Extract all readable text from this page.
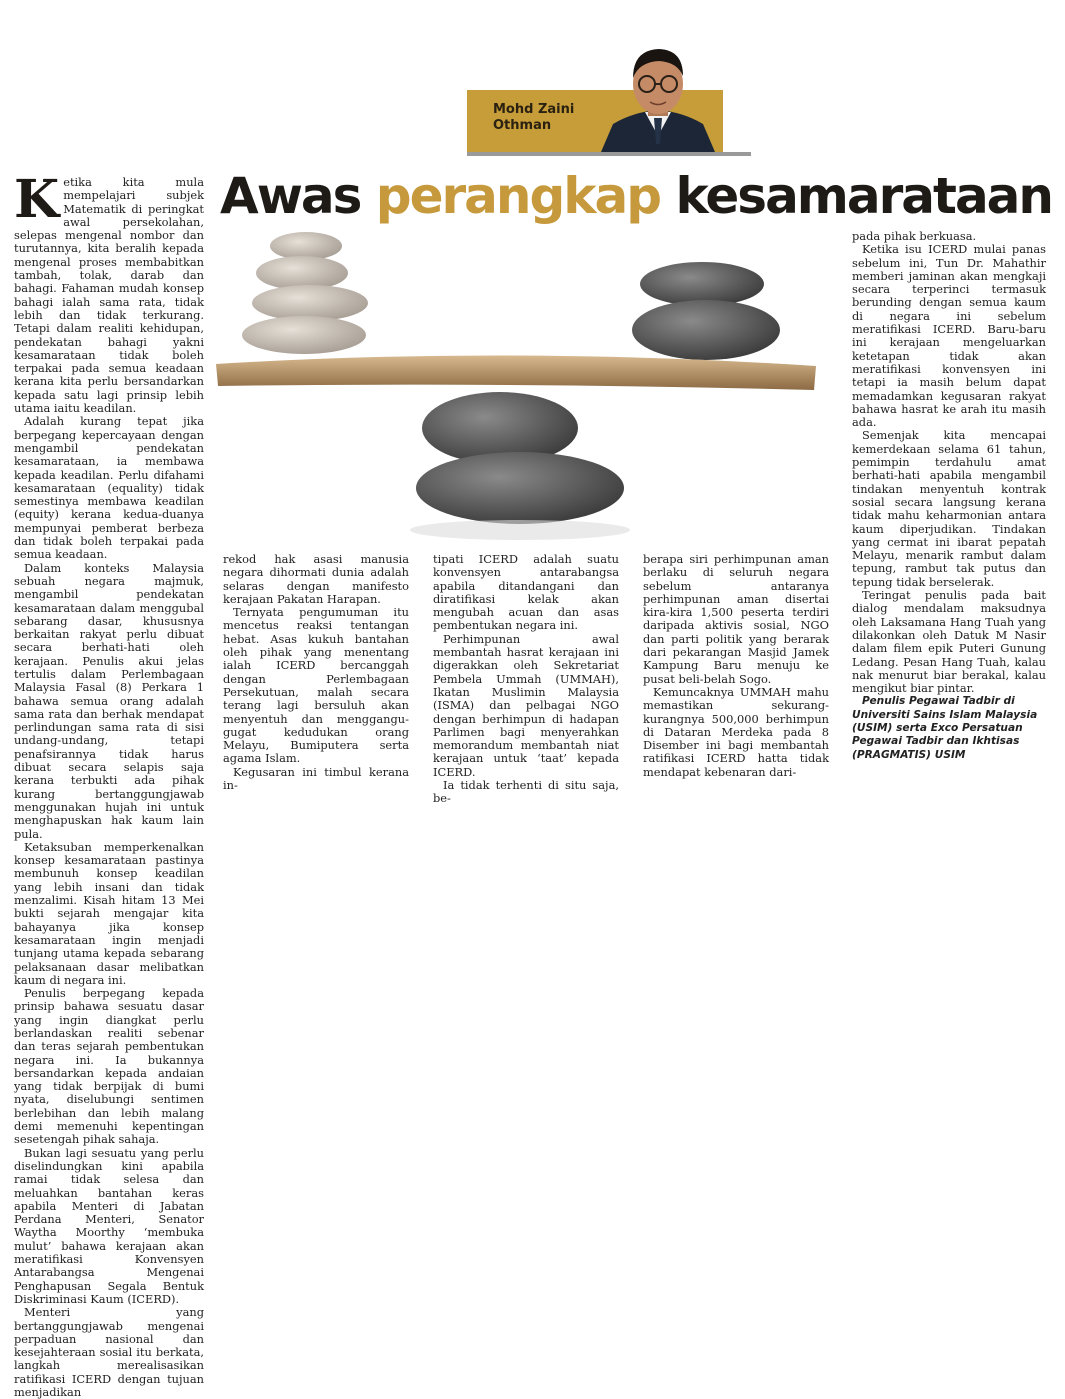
Mohd Zaini
Othman
Awas perangkap kesamarataan

Ketika kita mula mempelajari subjek Matematik di peringkat awal persekolahan, selepas mengenal nombor dan turutannya, kita beralih kepada mengenal proses membabitkan tambah, tolak, darab dan bahagi. Fahaman mudah konsep bahagi ialah sama rata, tidak lebih dan tidak terkurang. Tetapi dalam realiti kehidupan, pendekatan bahagi yakni kesamarataan tidak boleh terpakai pada semua keadaan kerana kita perlu bersandarkan kepada satu lagi prinsip lebih utama iaitu keadilan.

Adalah kurang tepat jika berpegang kepercayaan dengan mengambil pendekatan kesamarataan, ia membawa kepada keadilan. Perlu difahami kesamarataan (equality) tidak semestinya membawa keadilan (equity) kerana kedua-duanya mempunyai pemberat berbeza dan tidak boleh terpakai pada semua keadaan.

Dalam konteks Malaysia sebuah negara majmuk, mengambil pendekatan kesamarataan dalam menggubal sebarang dasar, khususnya berkaitan rakyat perlu dibuat secara berhati-hati oleh kerajaan. Penulis akui jelas tertulis dalam Perlembagaan Malaysia Fasal (8) Perkara 1 bahawa semua orang adalah sama rata dan berhak mendapat perlindungan sama rata di sisi undang-undang, tetapi penafsirannya tidak harus dibuat secara selapis saja kerana terbukti ada pihak kurang bertanggungjawab menggunakan hujah ini untuk menghapuskan hak kaum lain pula.

Ketaksuban memperkenalkan konsep kesamarataan pastinya membunuh konsep keadilan yang lebih insani dan tidak menzalimi. Kisah hitam 13 Mei bukti sejarah mengajar kita bahayanya jika konsep kesamarataan ingin menjadi tunjang utama kepada sebarang pelaksanaan dasar melibatkan kaum di negara ini.

Penulis berpegang kepada prinsip bahawa sesuatu dasar yang ingin diangkat perlu berlandaskan realiti sebenar dan teras sejarah pembentukan negara ini. Ia bukannya bersandarkan kepada andaian yang tidak berpijak di bumi nyata, diselubungi sentimen berlebihan dan lebih malang demi memenuhi kepentingan sesetengah pihak sahaja.

Bukan lagi sesuatu yang perlu diselindungkan kini apabila ramai tidak selesa dan meluahkan bantahan keras apabila Menteri di Jabatan Perdana Menteri, Senator Waytha Moorthy ‘membuka mulut’ bahawa kerajaan akan meratifikasi Konvensyen Antarabangsa Mengenai Penghapusan Segala Bentuk Diskriminasi Kaum (ICERD).

Menteri yang bertanggungjawab mengenai perpaduan nasional dan kesejahteraan sosial itu berkata, langkah merealisasikan ratifikasi ICERD dengan tujuan menjadikan

rekod hak asasi manusia negara dihormati dunia adalah selaras dengan manifesto kerajaan Pakatan Harapan.

Ternyata pengumuman itu mencetus reaksi tentangan hebat. Asas kukuh bantahan oleh pihak yang menentang ialah ICERD bercanggah dengan Perlembagaan Persekutuan, malah secara terang lagi bersuluh akan menyentuh dan menggangu-gugat kedudukan orang Melayu, Bumiputera serta agama Islam.

Kegusaran ini timbul kerana in-

tipati ICERD adalah suatu konvensyen antarabangsa apabila ditandangani dan diratifikasi kelak akan mengubah acuan dan asas pembentukan negara ini.

Perhimpunan awal membantah hasrat kerajaan ini digerakkan oleh Sekretariat Pembela Ummah (UMMAH), Ikatan Muslimin Malaysia (ISMA) dan pelbagai NGO dengan berhimpun di hadapan Parlimen bagi menyerahkan memorandum membantah niat kerajaan untuk ‘taat’ kepada ICERD.

Ia tidak terhenti di situ saja, be-

berapa siri perhimpunan aman berlaku di seluruh negara sebelum antaranya perhimpunan aman disertai kira-kira 1,500 peserta terdiri daripada aktivis sosial, NGO dan parti politik yang berarak dari pekarangan Masjid Jamek Kampung Baru menuju ke pusat beli-belah Sogo.

Kemuncaknya UMMAH mahu memastikan sekurang-kurangnya 500,000 berhimpun di Dataran Merdeka pada 8 Disember ini bagi membantah ratifikasi ICERD hatta tidak mendapat kebenaran dari-

pada pihak berkuasa.

Ketika isu ICERD mulai panas sebelum ini, Tun Dr. Mahathir memberi jaminan akan mengkaji secara terperinci termasuk berunding dengan semua kaum di negara ini sebelum meratifikasi ICERD. Baru-baru ini kerajaan mengeluarkan ketetapan tidak akan meratifikasi konvensyen ini tetapi ia masih belum dapat memadamkan kegusaran rakyat bahawa hasrat ke arah itu masih ada.

Semenjak kita mencapai kemerdekaan selama 61 tahun, pemimpin terdahulu amat berhati-hati apabila mengambil tindakan menyentuh kontrak sosial secara langsung kerana tidak mahu keharmonian antara kaum diperjudikan. Tindakan yang cermat ini ibarat pepatah Melayu, menarik rambut dalam tepung, rambut tak putus dan tepung tidak berselerak.

Teringat penulis pada bait dialog mendalam maksudnya oleh Laksamana Hang Tuah yang dilakonkan oleh Datuk M Nasir dalam filem epik Puteri Gunung Ledang. Pesan Hang Tuah, kalau nak menurut biar berakal, kalau mengikut biar pintar.

Penulis Pegawai Tadbir di Universiti Sains Islam Malaysia (USIM) serta Exco Persatuan Pegawai Tadbir dan Ikhtisas (PRAGMATIS) USIM
